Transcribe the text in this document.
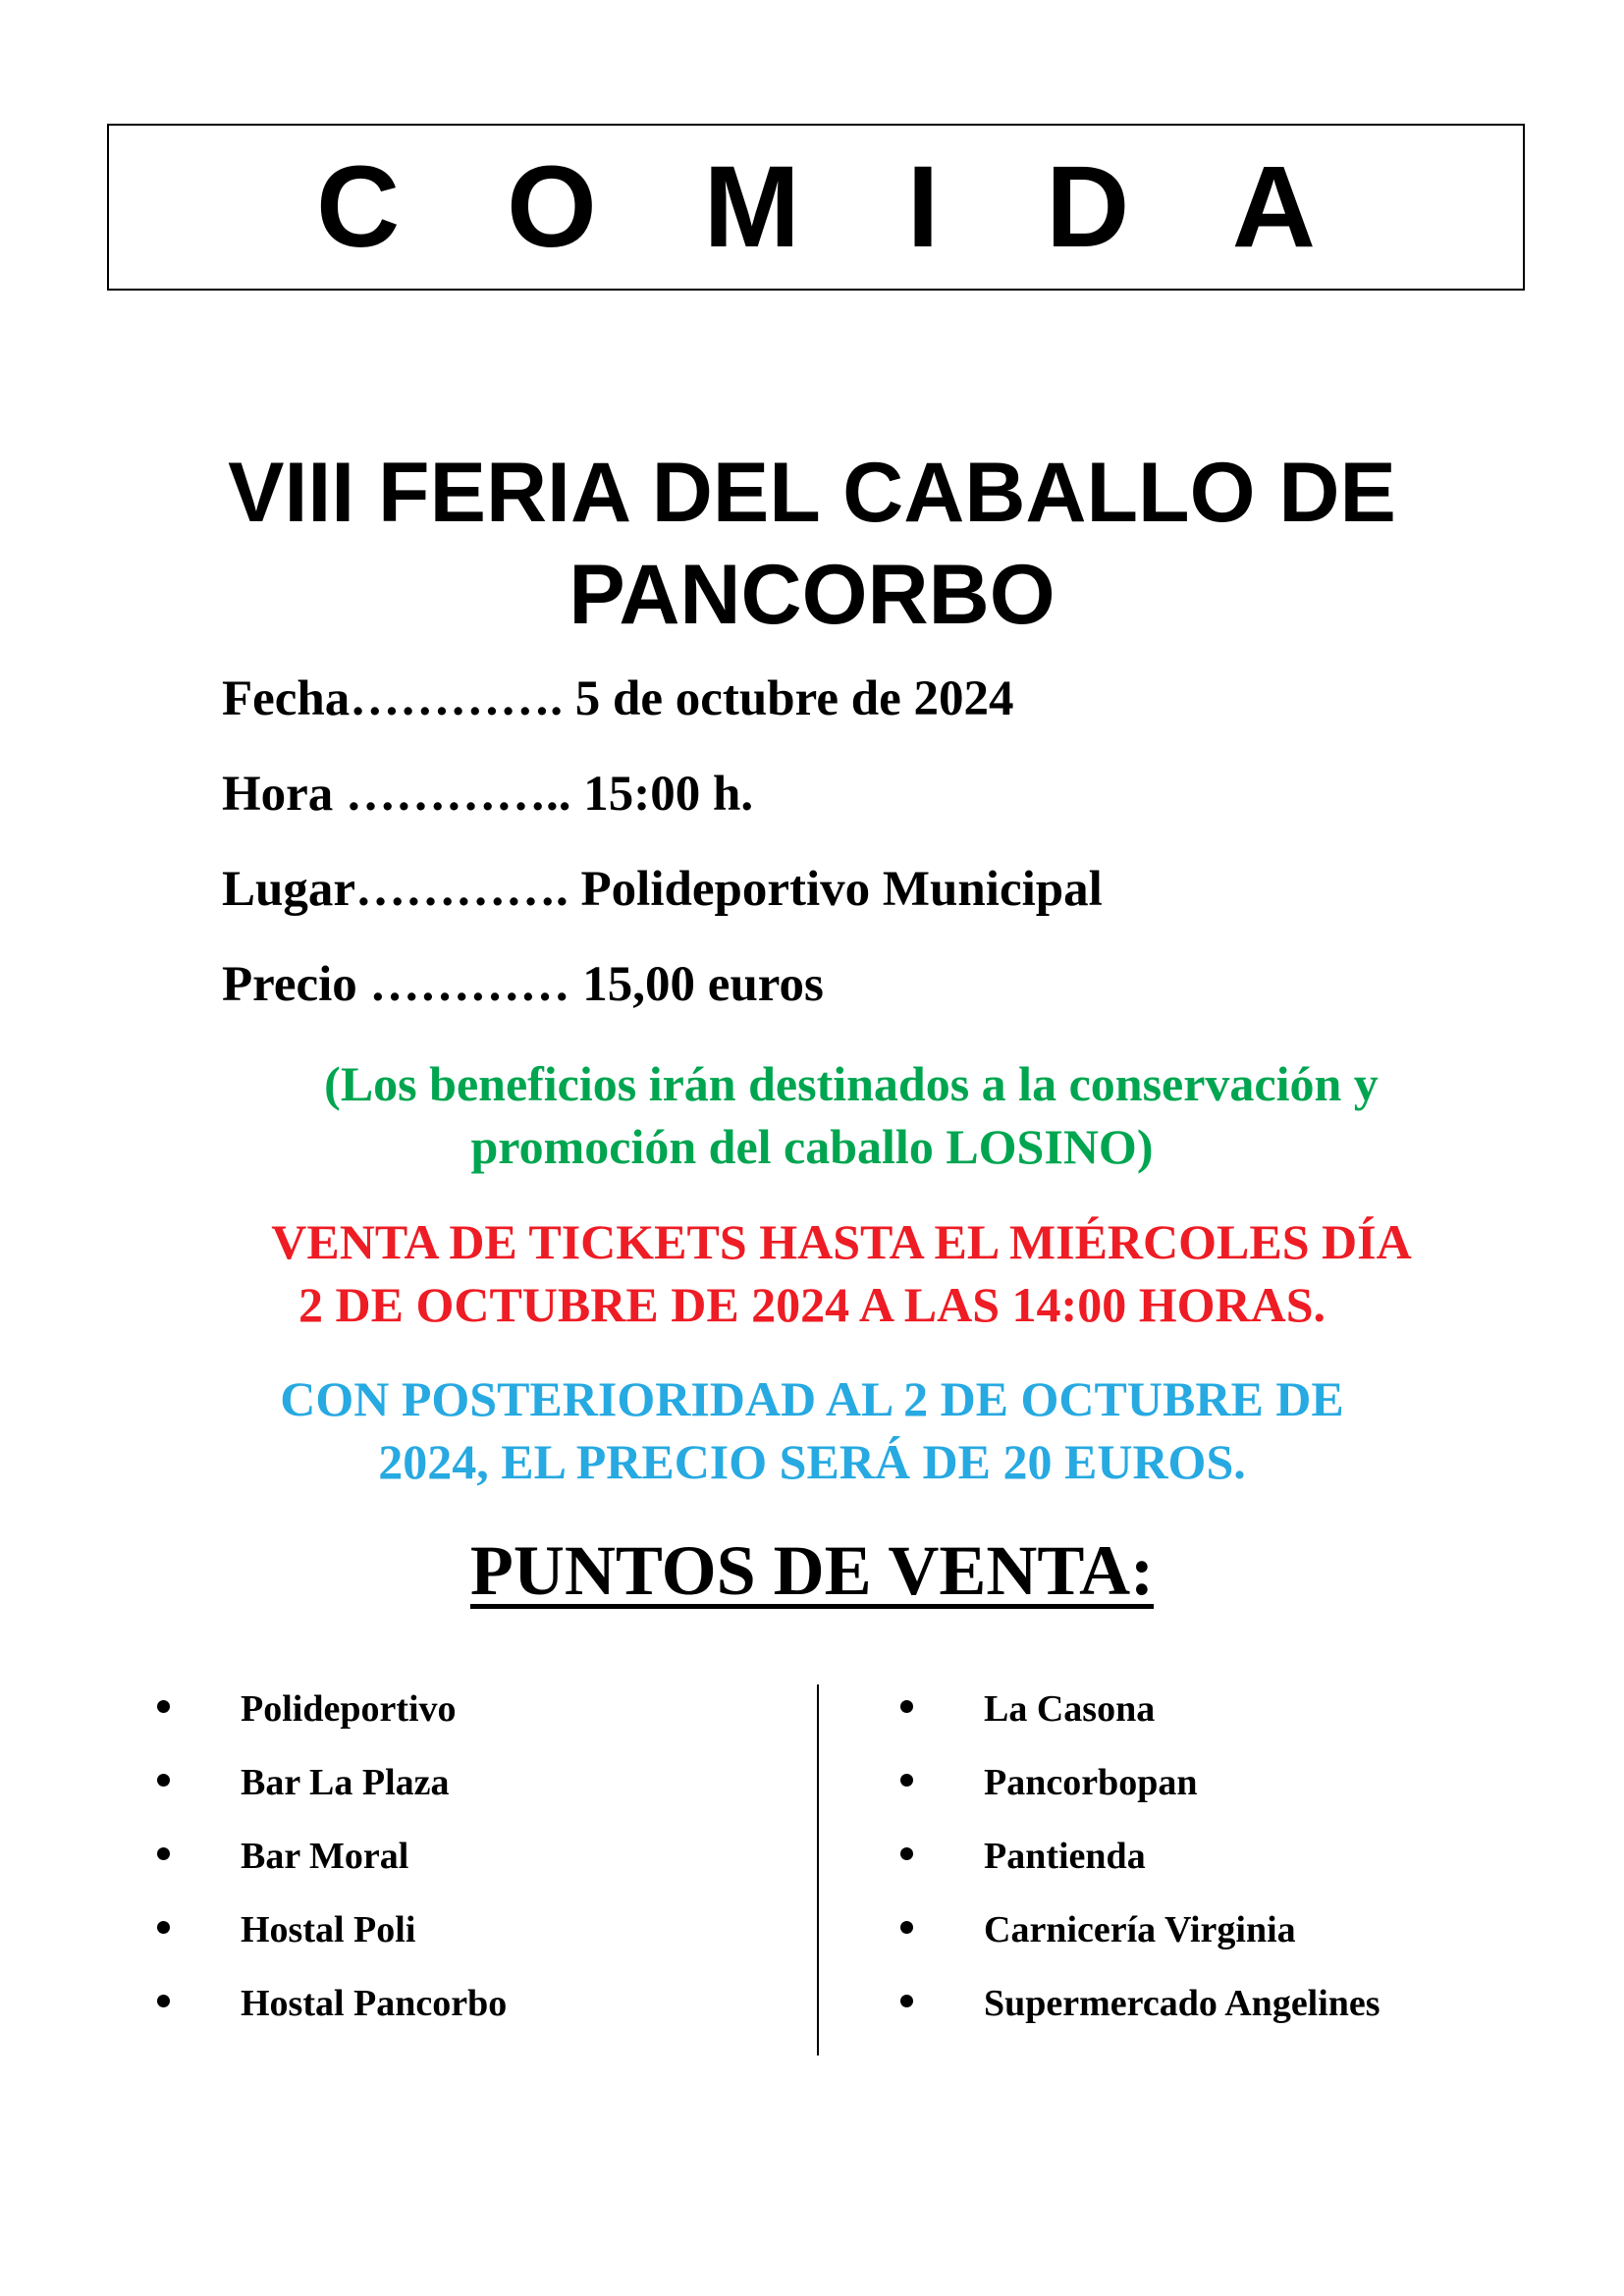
C O M I D A
VIII FERIA DEL CABALLO DE
PANCORBO
Fecha…………. 5 de octubre de 2024
Hora ………….. 15:00 h.
Lugar…………. Polideportivo Municipal
Precio ………… 15,00 euros
(Los beneficios irán destinados a la conservación y
promoción del caballo LOSINO)
VENTA DE TICKETS HASTA EL MIÉRCOLES DÍA
2 DE OCTUBRE DE 2024 A LAS 14:00 HORAS.
CON POSTERIORIDAD AL 2 DE OCTUBRE DE
2024, EL PRECIO SERÁ DE 20 EUROS.
PUNTOS DE VENTA:
Polideportivo
Bar La Plaza
Bar Moral
Hostal Poli
Hostal Pancorbo
La Casona
Pancorbopan
Pantienda
Carnicería Virginia
Supermercado Angelines
